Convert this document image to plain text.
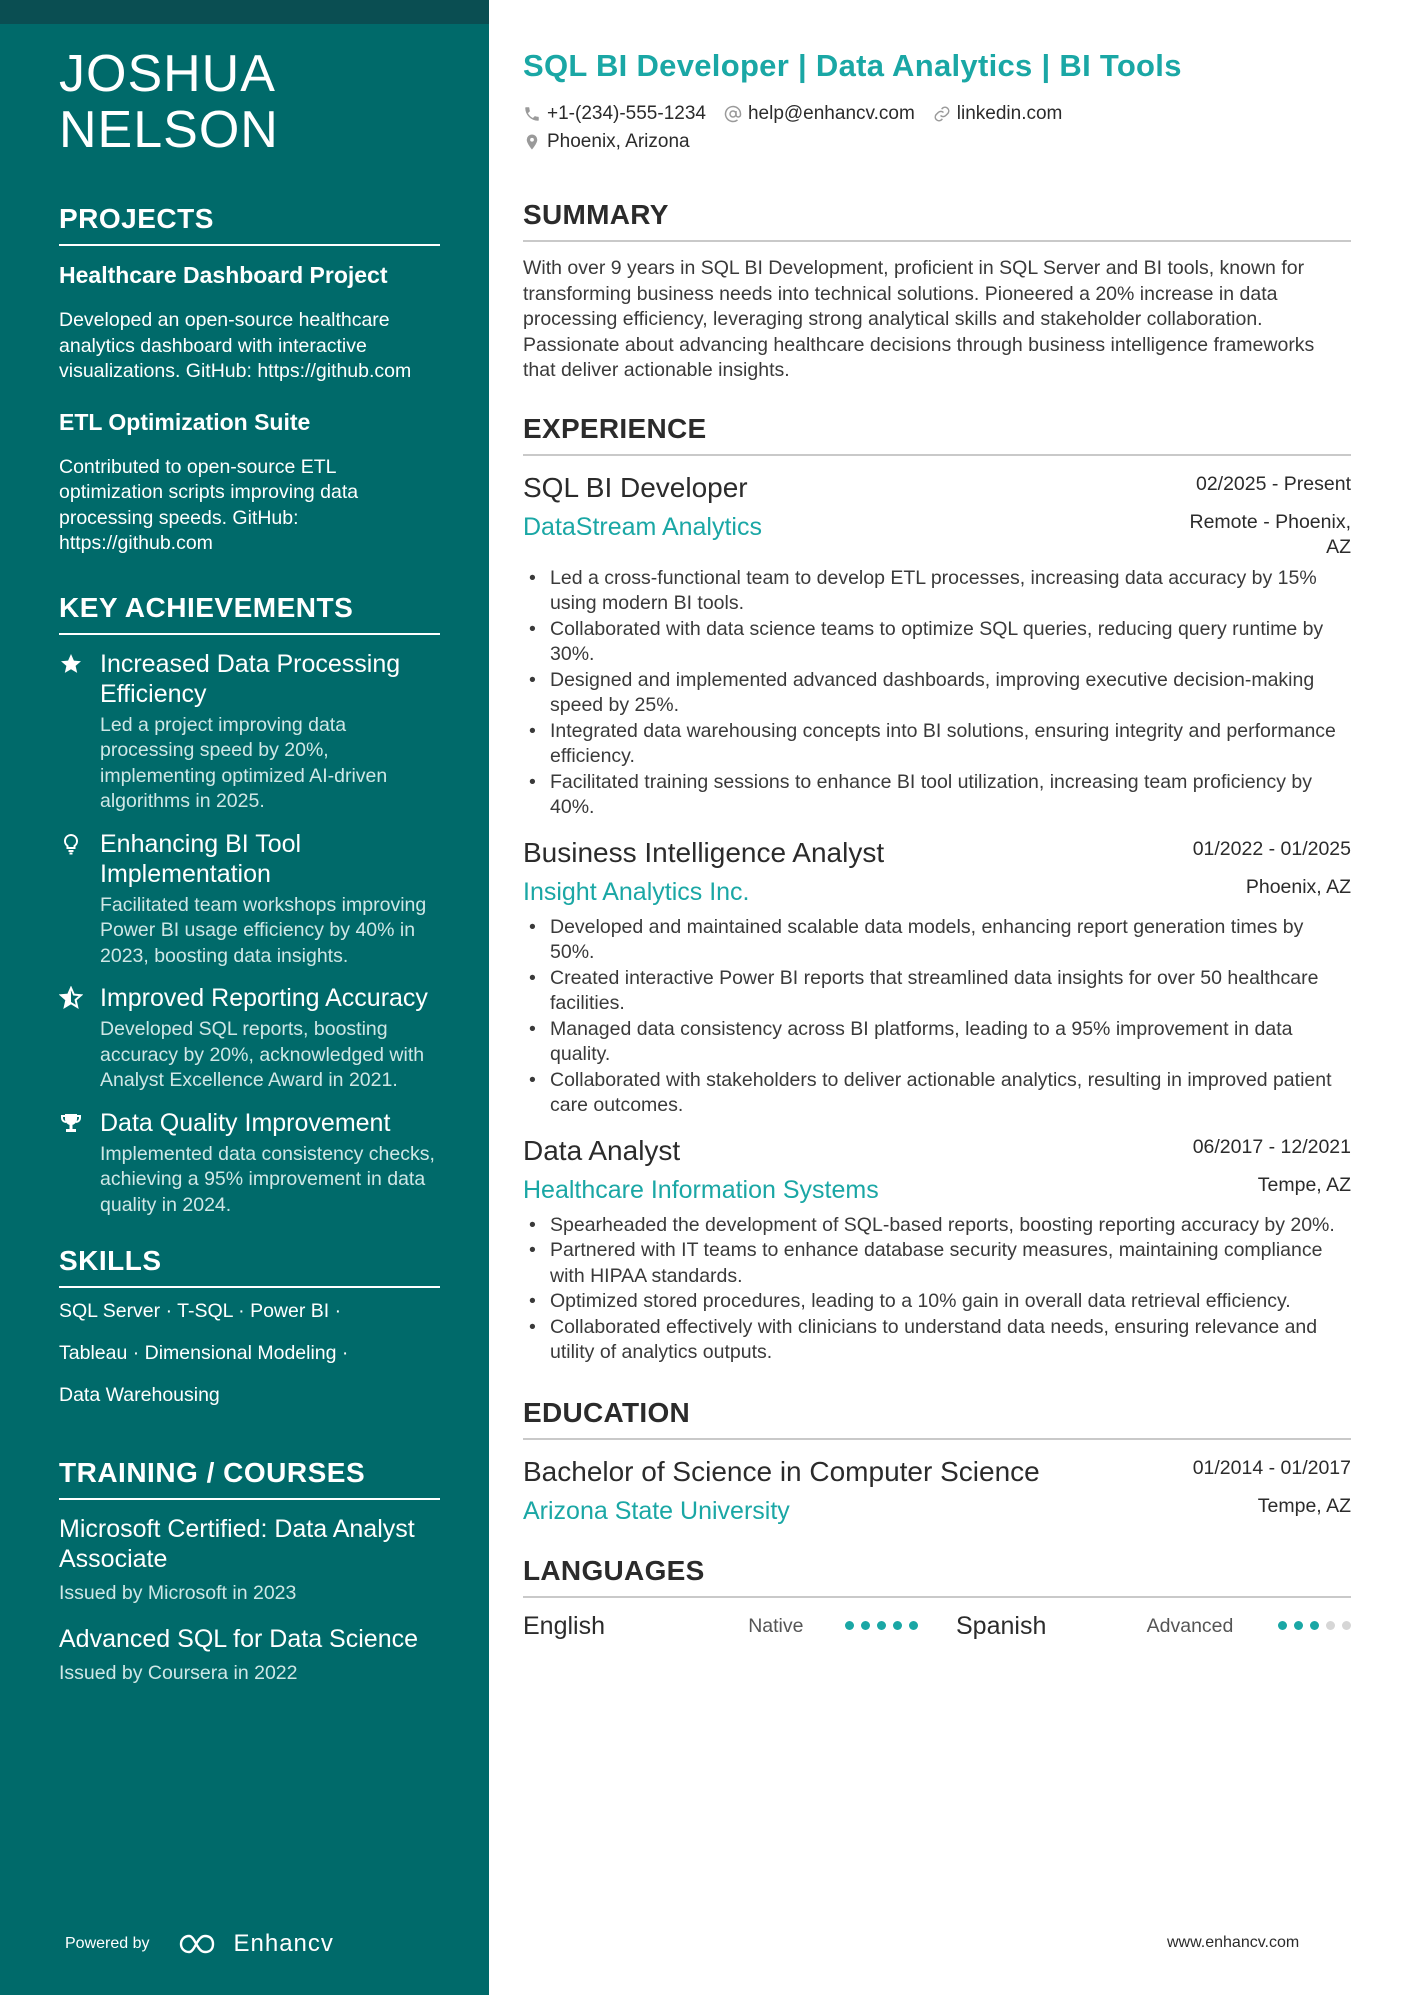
JOSHUA
NELSON
PROJECTS

Healthcare Dashboard Project

Developed an open-source healthcare analytics dashboard with interactive visualizations. GitHub: https://github.com

ETL Optimization Suite

Contributed to open-source ETL optimization scripts improving data processing speeds. GitHub: https://github.com

KEY ACHIEVEMENTS

Increased Data Processing Efficiency

Led a project improving data processing speed by 20%, implementing optimized AI-driven algorithms in 2025.

Enhancing BI Tool Implementation

Facilitated team workshops improving Power BI usage efficiency by 40% in 2023, boosting data insights.

Improved Reporting Accuracy

Developed SQL reports, boosting accuracy by 20%, acknowledged with Analyst Excellence Award in 2021.

Data Quality Improvement

Implemented data consistency checks, achieving a 95% improvement in data quality in 2024.

SKILLS

SQL Server · T-SQL · Power BI ·

Tableau · Dimensional Modeling ·

Data Warehousing

TRAINING / COURSES

Microsoft Certified: Data Analyst Associate

Issued by Microsoft in 2023

Advanced SQL for Data Science

Issued by Coursera in 2022

Powered by	Enhancv
SQL BI Developer | Data Analytics | BI Tools
+1-(234)-555-1234 help@enhancv.com linkedin.com
Phoenix, Arizona
SUMMARY

With over 9 years in SQL BI Development, proficient in SQL Server and BI tools, known for transforming business needs into technical solutions. Pioneered a 20% increase in data processing efficiency, leveraging strong analytical skills and stakeholder collaboration. Passionate about advancing healthcare decisions through business intelligence frameworks that deliver actionable insights.

EXPERIENCE

SQL BI Developer	02/2025 - Present

DataStream Analytics	Remote - Phoenix, AZ

• Led a cross-functional team to develop ETL processes, increasing data accuracy by 15% using modern BI tools.
• Collaborated with data science teams to optimize SQL queries, reducing query runtime by 30%.
• Designed and implemented advanced dashboards, improving executive decision-making speed by 25%.
• Integrated data warehousing concepts into BI solutions, ensuring integrity and performance efficiency.
• Facilitated training sessions to enhance BI tool utilization, increasing team proficiency by 40%.

Business Intelligence Analyst	01/2022 - 01/2025

Insight Analytics Inc.	Phoenix, AZ

• Developed and maintained scalable data models, enhancing report generation times by 50%.
• Created interactive Power BI reports that streamlined data insights for over 50 healthcare facilities.
• Managed data consistency across BI platforms, leading to a 95% improvement in data quality.
• Collaborated with stakeholders to deliver actionable analytics, resulting in improved patient care outcomes.

Data Analyst	06/2017 - 12/2021

Healthcare Information Systems	Tempe, AZ

• Spearheaded the development of SQL-based reports, boosting reporting accuracy by 20%.
• Partnered with IT teams to enhance database security measures, maintaining compliance with HIPAA standards.
• Optimized stored procedures, leading to a 10% gain in overall data retrieval efficiency.
• Collaborated effectively with clinicians to understand data needs, ensuring relevance and utility of analytics outputs.
EDUCATION

Bachelor of Science in Computer Science	01/2014 - 01/2017

Arizona State University	Tempe, AZ

LANGUAGES
English	Native	Spanish	Advanced
www.enhancv.com
